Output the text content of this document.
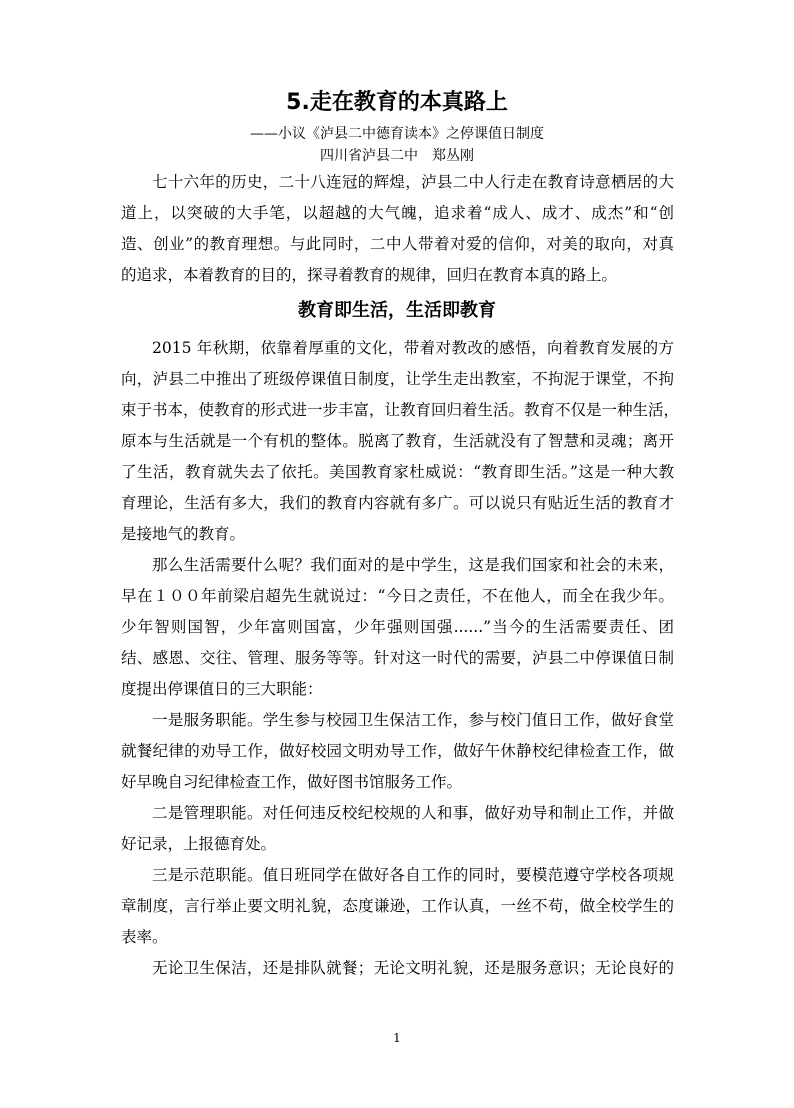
5.走在教育的本真路上
——小议《泸县二中德育读本》之停课值日制度
四川省泸县二中　郑丛刚
七十六年的历史，二十八连冠的辉煌，泸县二中人行走在教育诗意栖居的大
道上，以突破的大手笔，以超越的大气魄，追求着“成人、成才、成杰”和“创
造、创业”的教育理想。与此同时，二中人带着对爱的信仰，对美的取向，对真
的追求，本着教育的目的，探寻着教育的规律，回归在教育本真的路上。
教育即生活，生活即教育
2015 年秋期，依靠着厚重的文化，带着对教改的感悟，向着教育发展的方
向，泸县二中推出了班级停课值日制度，让学生走出教室，不拘泥于课堂，不拘
束于书本，使教育的形式进一步丰富，让教育回归着生活。教育不仅是一种生活，
原本与生活就是一个有机的整体。脱离了教育，生活就没有了智慧和灵魂；离开
了生活，教育就失去了依托。美国教育家杜威说：“教育即生活。”这是一种大教
育理论，生活有多大，我们的教育内容就有多广。可以说只有贴近生活的教育才
是接地气的教育。
那么生活需要什么呢？我们面对的是中学生，这是我们国家和社会的未来，
早在１００年前梁启超先生就说过：“今日之责任，不在他人，而全在我少年。
少年智则国智，少年富则国富，少年强则国强......”当今的生活需要责任、团
结、感恩、交往、管理、服务等等。针对这一时代的需要，泸县二中停课值日制
度提出停课值日的三大职能：
一是服务职能。学生参与校园卫生保洁工作，参与校门值日工作，做好食堂
就餐纪律的劝导工作，做好校园文明劝导工作，做好午休静校纪律检查工作，做
好早晚自习纪律检查工作，做好图书馆服务工作。
二是管理职能。对任何违反校纪校规的人和事，做好劝导和制止工作，并做
好记录，上报德育处。
三是示范职能。值日班同学在做好各自工作的同时，要模范遵守学校各项规
章制度，言行举止要文明礼貌，态度谦逊，工作认真，一丝不苟，做全校学生的
表率。
无论卫生保洁，还是排队就餐；无论文明礼貌，还是服务意识；无论良好的
1
